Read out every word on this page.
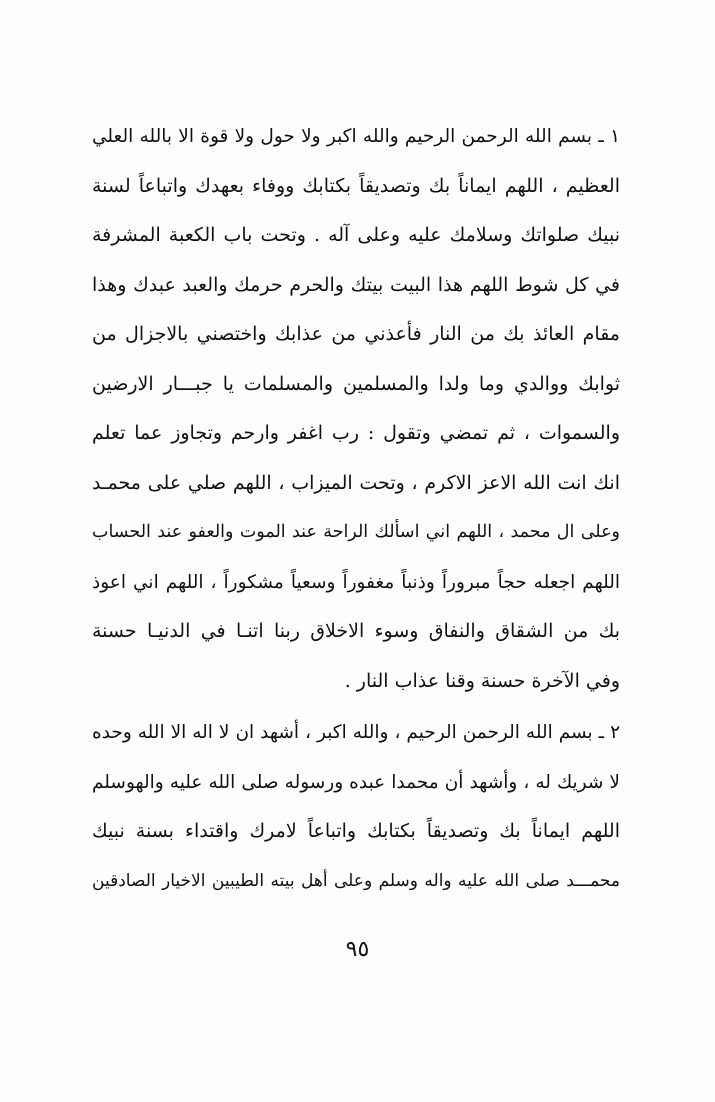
١ ـ بسم الله الرحمن الرحيم والله اكبر ولا حول ولا قوة الا بالله العلي
العظيم ، اللهم ايماناً بك وتصديقاً بكتابك ووفاء بعهدك واتباعاً لسنة
نبيك صلواتك وسلامك عليه وعلى آله . وتحت باب الكعبة المشرفة
في كل شوط اللهم هذا البيت بيتك والحرم حرمك والعبد عبدك وهذا
مقام العائذ بك من النار فأعذني من عذابك واختصني بالاجزال من
ثوابك ووالدي وما ولدا والمسلمين والمسلمات يا جبـــار الارضين
والسموات ، ثم تمضي وتقول : رب اغفر وارحم وتجاوز عما تعلم
انك انت الله الاعز الاكرم ، وتحت الميزاب ، اللهم صلي على محمـد
وعلى ال محمد ، اللهم اني اسألك الراحة عند الموت والعفو عند الحساب
اللهم اجعله حجاً مبروراً وذنباً مغفوراً وسعياً مشكوراً ، اللهم اني اعوذ
بك من الشقاق والنفاق وسوء الاخلاق ربنا اتنـا في الدنيـا حسنة
وفي الآخرة حسنة وقنا عذاب النار .
٢ ـ بسم الله الرحمن الرحيم ، والله اكبر ، أشهد ان لا اله الا الله وحده
لا شريك له ، وأشهد أن محمدا عبده ورسوله صلى الله عليه والهوسلم
اللهم ايماناً بك وتصديقاً بكتابك واتباعاً لامرك واقتداء بسنة نبيك
محمـــد صلى الله عليه واله وسلم وعلى أهل بيته الطيبين الاخيار الصادقين
٩٥
